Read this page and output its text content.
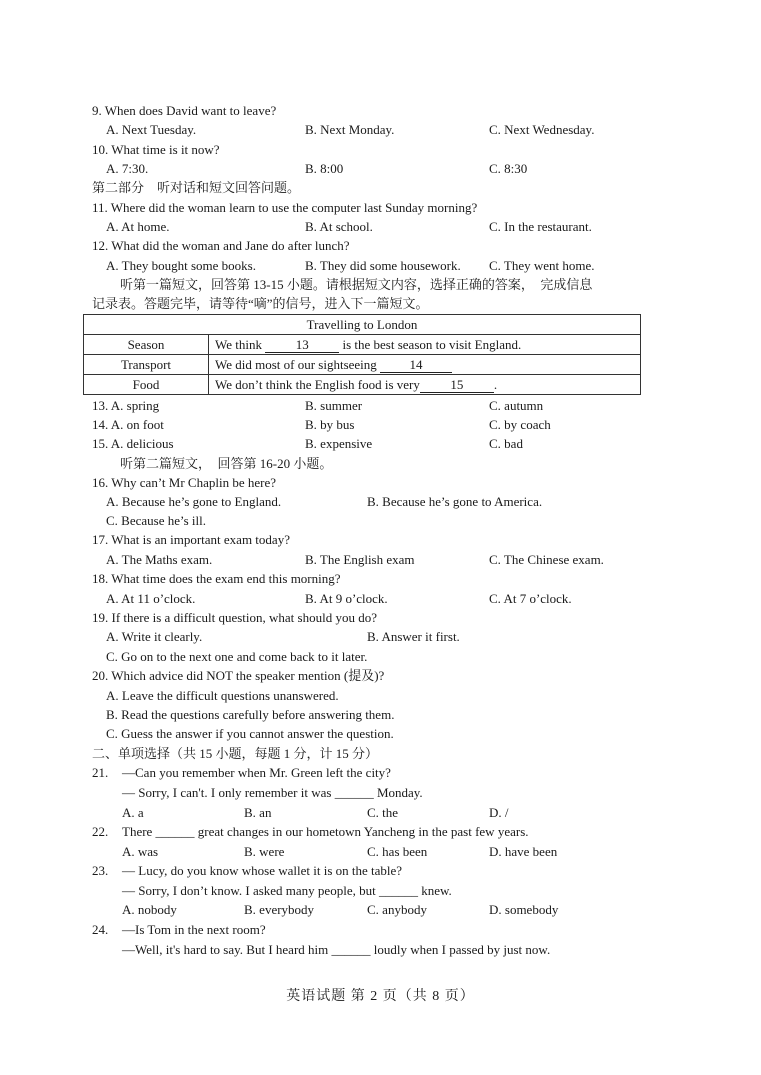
9. When does David want to leave?
A. Next Tuesday.	B. Next Monday.	C. Next Wednesday.
10. What time is it now?
A. 7:30.	B. 8:00	C. 8:30
第二部分　听对话和短文回答问题。
11. Where did the woman learn to use the computer last Sunday morning?
A. At home.	B. At school.	C. In the restaurant.
12. What did the woman and Jane do after lunch?
A. They bought some books.	B. They did some housework. C. They went home.
听第一篇短文，回答第 13-15 小题。请根据短文内容，选择正确的答案，　完成信息
记录表。答题完毕，请等待“嘀”的信号，进入下一篇短文。
Travelling to London	
Season	We think 13 is the best season to visit England.
Transport	We did most of our sightseeing 14
Food	We don’t think the English food is very 15 .
13. A. spring	B. summer	C. autumn
14. A. on foot	B. by bus	C. by coach
15. A. delicious	B. expensive	C. bad
听第二篇短文，　回答第 16-20 小题。
16. Why can’t Mr Chaplin be here?
A. Because he’s gone to England.	B. Because he’s gone to America.
C. Because he’s ill.
17. What is an important exam today?
A. The Maths exam.	B. The English exam	C. The Chinese exam.
18. What time does the exam end this morning?
A. At 11 o’clock.	B. At 9 o’clock.	C. At 7 o’clock.
19. If there is a difficult question, what should you do?
A. Write it clearly.	B. Answer it first.
C. Go on to the next one and come back to it later.
20. Which advice did NOT the speaker mention (提及)?
A. Leave the difficult questions unanswered.
B. Read the questions carefully before answering them.
C. Guess the answer if you cannot answer the question.
二、单项选择（共 15 小题，每题 1 分，计 15 分）
21. —Can you remember when Mr. Green left the city?
— Sorry, I can't. I only remember it was ______ Monday.
A. a	B. an	C. the	D. /
22. There ______ great changes in our hometown Yancheng in the past few years.
A. was	B. were	C. has been	D. have been
23. — Lucy, do you know whose wallet it is on the table?
— Sorry, I don’t know. I asked many people, but ______ knew.
A. nobody	B. everybody	C. anybody	D. somebody
24. —Is Tom in the next room?
—Well, it's hard to say. But I heard him ______ loudly when I passed by just now.
英语试题 第 2 页（共 8 页）
